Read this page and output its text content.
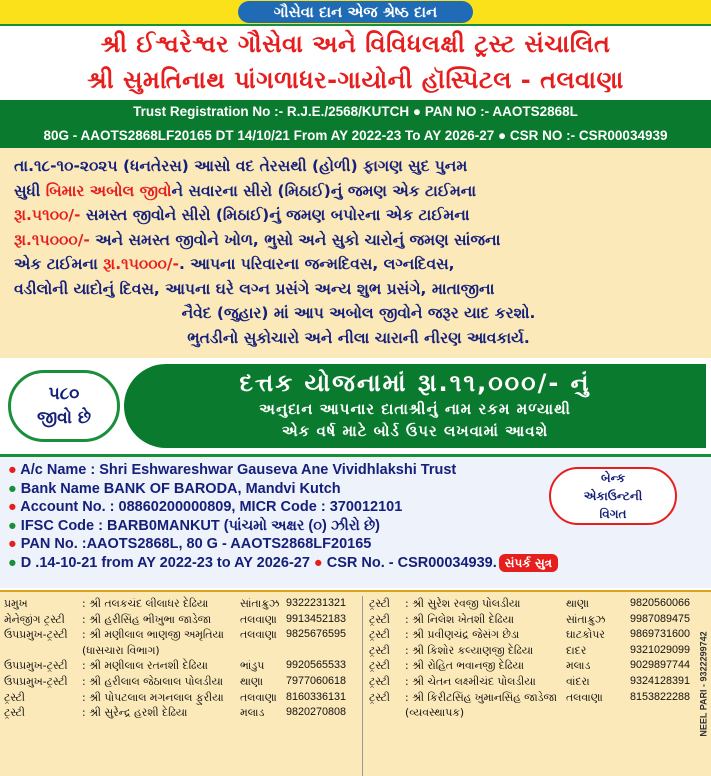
ગૌસેવા દાન એજ શ્રેષ્ઠ દાન
શ્રી ઈશ્વરેશ્વર ગૌસેવા અને વિવિધલક્ષી ટ્રસ્ટ સંચાલિત
શ્રી સુમતિનાથ પાંગળાધર-ગાયોની હૉસ્પિટલ - તલવાણા
Trust Registration No :- R.J.E./2568/KUTCH ● PAN NO :- AAOTS2868L
80G - AAOTS2868LF20165 DT 14/10/21 From AY 2022-23 To AY 2026-27 ● CSR NO :- CSR00034939

તા.૧૮-૧૦-૨૦૨૫ (ધનતેરસ) આસો વદ તેરસથી (હોળી) ફાગણ સુદ પુનમ

સુધી બિમાર અબોલ જીવોને સવારના સીરો (મિઠાઈ)નું જમણ એક ટાઈમના

રૂા.૫૧૦૦/- સમસ્ત જીવોને સીરો (મિઠાઈ)નું જમણ બપોરના એક ટાઈમના

રૂા.૧૫૦૦૦/- અને સમસ્ત જીવોને ખોળ, ભુસો અને સુકો ચારોનું જમણ સાંજના

એક ટાઈમના રૂા.૧૫૦૦૦/-. આપના પરિવારના જન્મદિવસ, લગ્નદિવસ,

વડીલોની યાદોનું દિવસ, આપના ઘરે લગ્ન પ્રસંગે અન્ય શુભ પ્રસંગે, માતાજીના

નૈવેદ (જુહાર) માં આપ અબોલ જીવોને જરૂર યાદ કરશો.

ભુતડીનો સુકોચારો અને નીલા ચારાની નીરણ આવકાર્ય.

૫૮૦
જીવો છે
દત્તક યોજનામાં રૂા.૧૧,૦૦૦/- નું
અનુદાન આપનાર દાતાશ્રીનું નામ રકમ મળ્યાથી
એક વર્ષ માટે બોર્ડ ઉપર લખવામાં આવશે
● A/c Name : Shri Eshwareshwar Gauseva Ane Vividhlakshi Trust
● Bank Name BANK OF BARODA, Mandvi Kutch
● Account No. : 08860200000809, MICR Code : 370012101
● IFSC Code : BARB0MANKUT (પાંચમો અક્ષર (૦) ઝીરો છે)
● PAN No. :AAOTS2868L, 80 G - AAOTS2868LF20165
● D .14-10-21 from AY 2022-23 to AY 2026-27 ● CSR No. - CSR00034939. સંપર્ક સુત્ર
બેન્ક
એકાઉન્ટની
વિગત
પ્રમુખ	: શ્રી તલકચંદ લીલાધર દેઢિયા	સાંતાક્રુઝ 9322231321
મેનેજીંગ ટ્રસ્ટી	: શ્રી હરીસિંહ ભીખુભા જાડેજા	તલવાણા 9913452183
ઉપપ્રમુખ-ટ્રસ્ટી	: શ્રી મણીલાલ ભાણજી અમૃતિયા	તલવાણા 9825676595
(ધાસચારા વિભાગ)
ઉપપ્રમુખ-ટ્રસ્ટી	: શ્રી મણીલાલ રતનશી દેઢિયા	ભાંડુપ	9920565533
ઉપપ્રમુખ-ટ્રસ્ટી	: શ્રી હરીલાલ જેઠાલાલ પોલડીયા	થાણા	7977060618
ટ્રસ્ટી	: શ્રી પોપટલાલ મગનલાલ ફુરીયા	તલવાણા 8160336131
ટ્રસ્ટી	: શ્રી સુરેન્દ્ર હરશી દેઢિયા	મલાડ	9820270808
ટ્રસ્ટી	: શ્રી સુરેશ રવજી પોલડીયા	થાણા	9820560066
ટ્રસ્ટી	: શ્રી નિલેશ ખેતશી દેઢિયા	સાંતાક્રુઝ	9987089475
ટ્રસ્ટી	: શ્રી પ્રવીણચંદ્ર જેસંગ છેડા	ઘાટકોપર	9869731600
ટ્રસ્ટી	: શ્રી કિશોર કલ્યાણજી દેઢિયા	દાદર	9321029099
ટ્રસ્ટી	: શ્રી રોહિત ભવાનજી દેઢિયા	મલાડ	9029897744
ટ્રસ્ટી	: શ્રી ચેતન લક્ષ્મીચંદ પોલડીયા	વાંદરા	9324128391
ટ્રસ્ટી	: શ્રી કિરીટસિંહ ખુમાનસિંહ જાડેજા તલવાણા	8153822288
(વ્યવસ્થાપક)	NEEL PARI - 9322299742
